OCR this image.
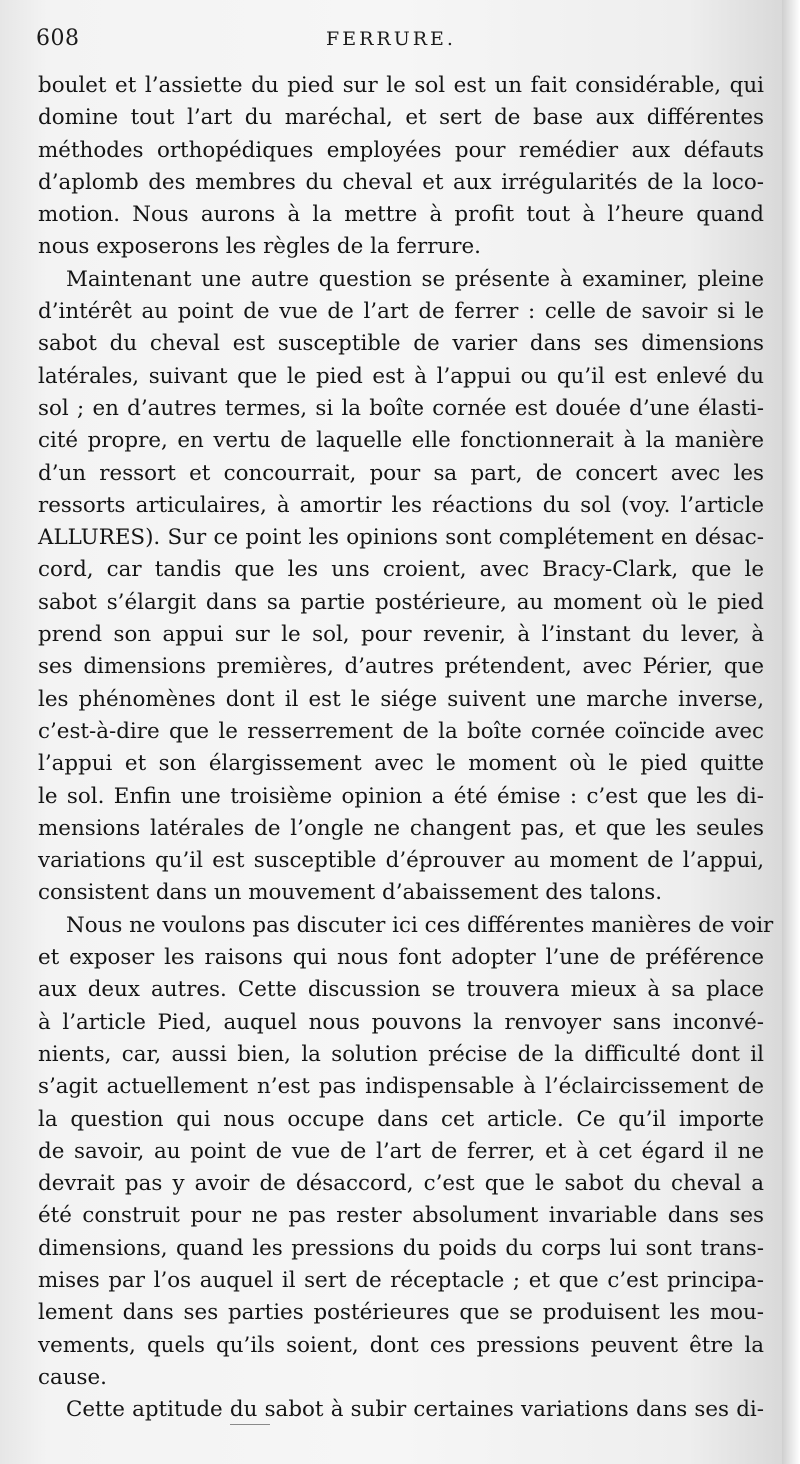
608	FERRURE.
boulet et l’assiette du pied sur le sol est un fait considérable, qui
domine tout l’art du maréchal, et sert de base aux différentes
méthodes orthopédiques employées pour remédier aux défauts
d’aplomb des membres du cheval et aux irrégularités de la loco-
motion. Nous aurons à la mettre à profit tout à l’heure quand
nous exposerons les règles de la ferrure.
Maintenant une autre question se présente à examiner, pleine
d’intérêt au point de vue de l’art de ferrer : celle de savoir si le
sabot du cheval est susceptible de varier dans ses dimensions
latérales, suivant que le pied est à l’appui ou qu’il est enlevé du
sol ; en d’autres termes, si la boîte cornée est douée d’une élasti-
cité propre, en vertu de laquelle elle fonctionnerait à la manière
d’un ressort et concourrait, pour sa part, de concert avec les
ressorts articulaires, à amortir les réactions du sol (voy. l’article
ALLURES). Sur ce point les opinions sont complétement en désac-
cord, car tandis que les uns croient, avec Bracy-Clark, que le
sabot s’élargit dans sa partie postérieure, au moment où le pied
prend son appui sur le sol, pour revenir, à l’instant du lever, à
ses dimensions premières, d’autres prétendent, avec Périer, que
les phénomènes dont il est le siége suivent une marche inverse,
c’est-à-dire que le resserrement de la boîte cornée coïncide avec
l’appui et son élargissement avec le moment où le pied quitte
le sol. Enfin une troisième opinion a été émise : c’est que les di-
mensions latérales de l’ongle ne changent pas, et que les seules
variations qu’il est susceptible d’éprouver au moment de l’appui,
consistent dans un mouvement d’abaissement des talons.
Nous ne voulons pas discuter ici ces différentes manières de voir
et exposer les raisons qui nous font adopter l’une de préférence
aux deux autres. Cette discussion se trouvera mieux à sa place
à l’article Pied, auquel nous pouvons la renvoyer sans inconvé-
nients, car, aussi bien, la solution précise de la difficulté dont il
s’agit actuellement n’est pas indispensable à l’éclaircissement de
la question qui nous occupe dans cet article. Ce qu’il importe
de savoir, au point de vue de l’art de ferrer, et à cet égard il ne
devrait pas y avoir de désaccord, c’est que le sabot du cheval a
été construit pour ne pas rester absolument invariable dans ses
dimensions, quand les pressions du poids du corps lui sont trans-
mises par l’os auquel il sert de réceptacle ; et que c’est principa-
lement dans ses parties postérieures que se produisent les mou-
vements, quels qu’ils soient, dont ces pressions peuvent être la
cause.
Cette aptitude du sabot à subir certaines variations dans ses di-
